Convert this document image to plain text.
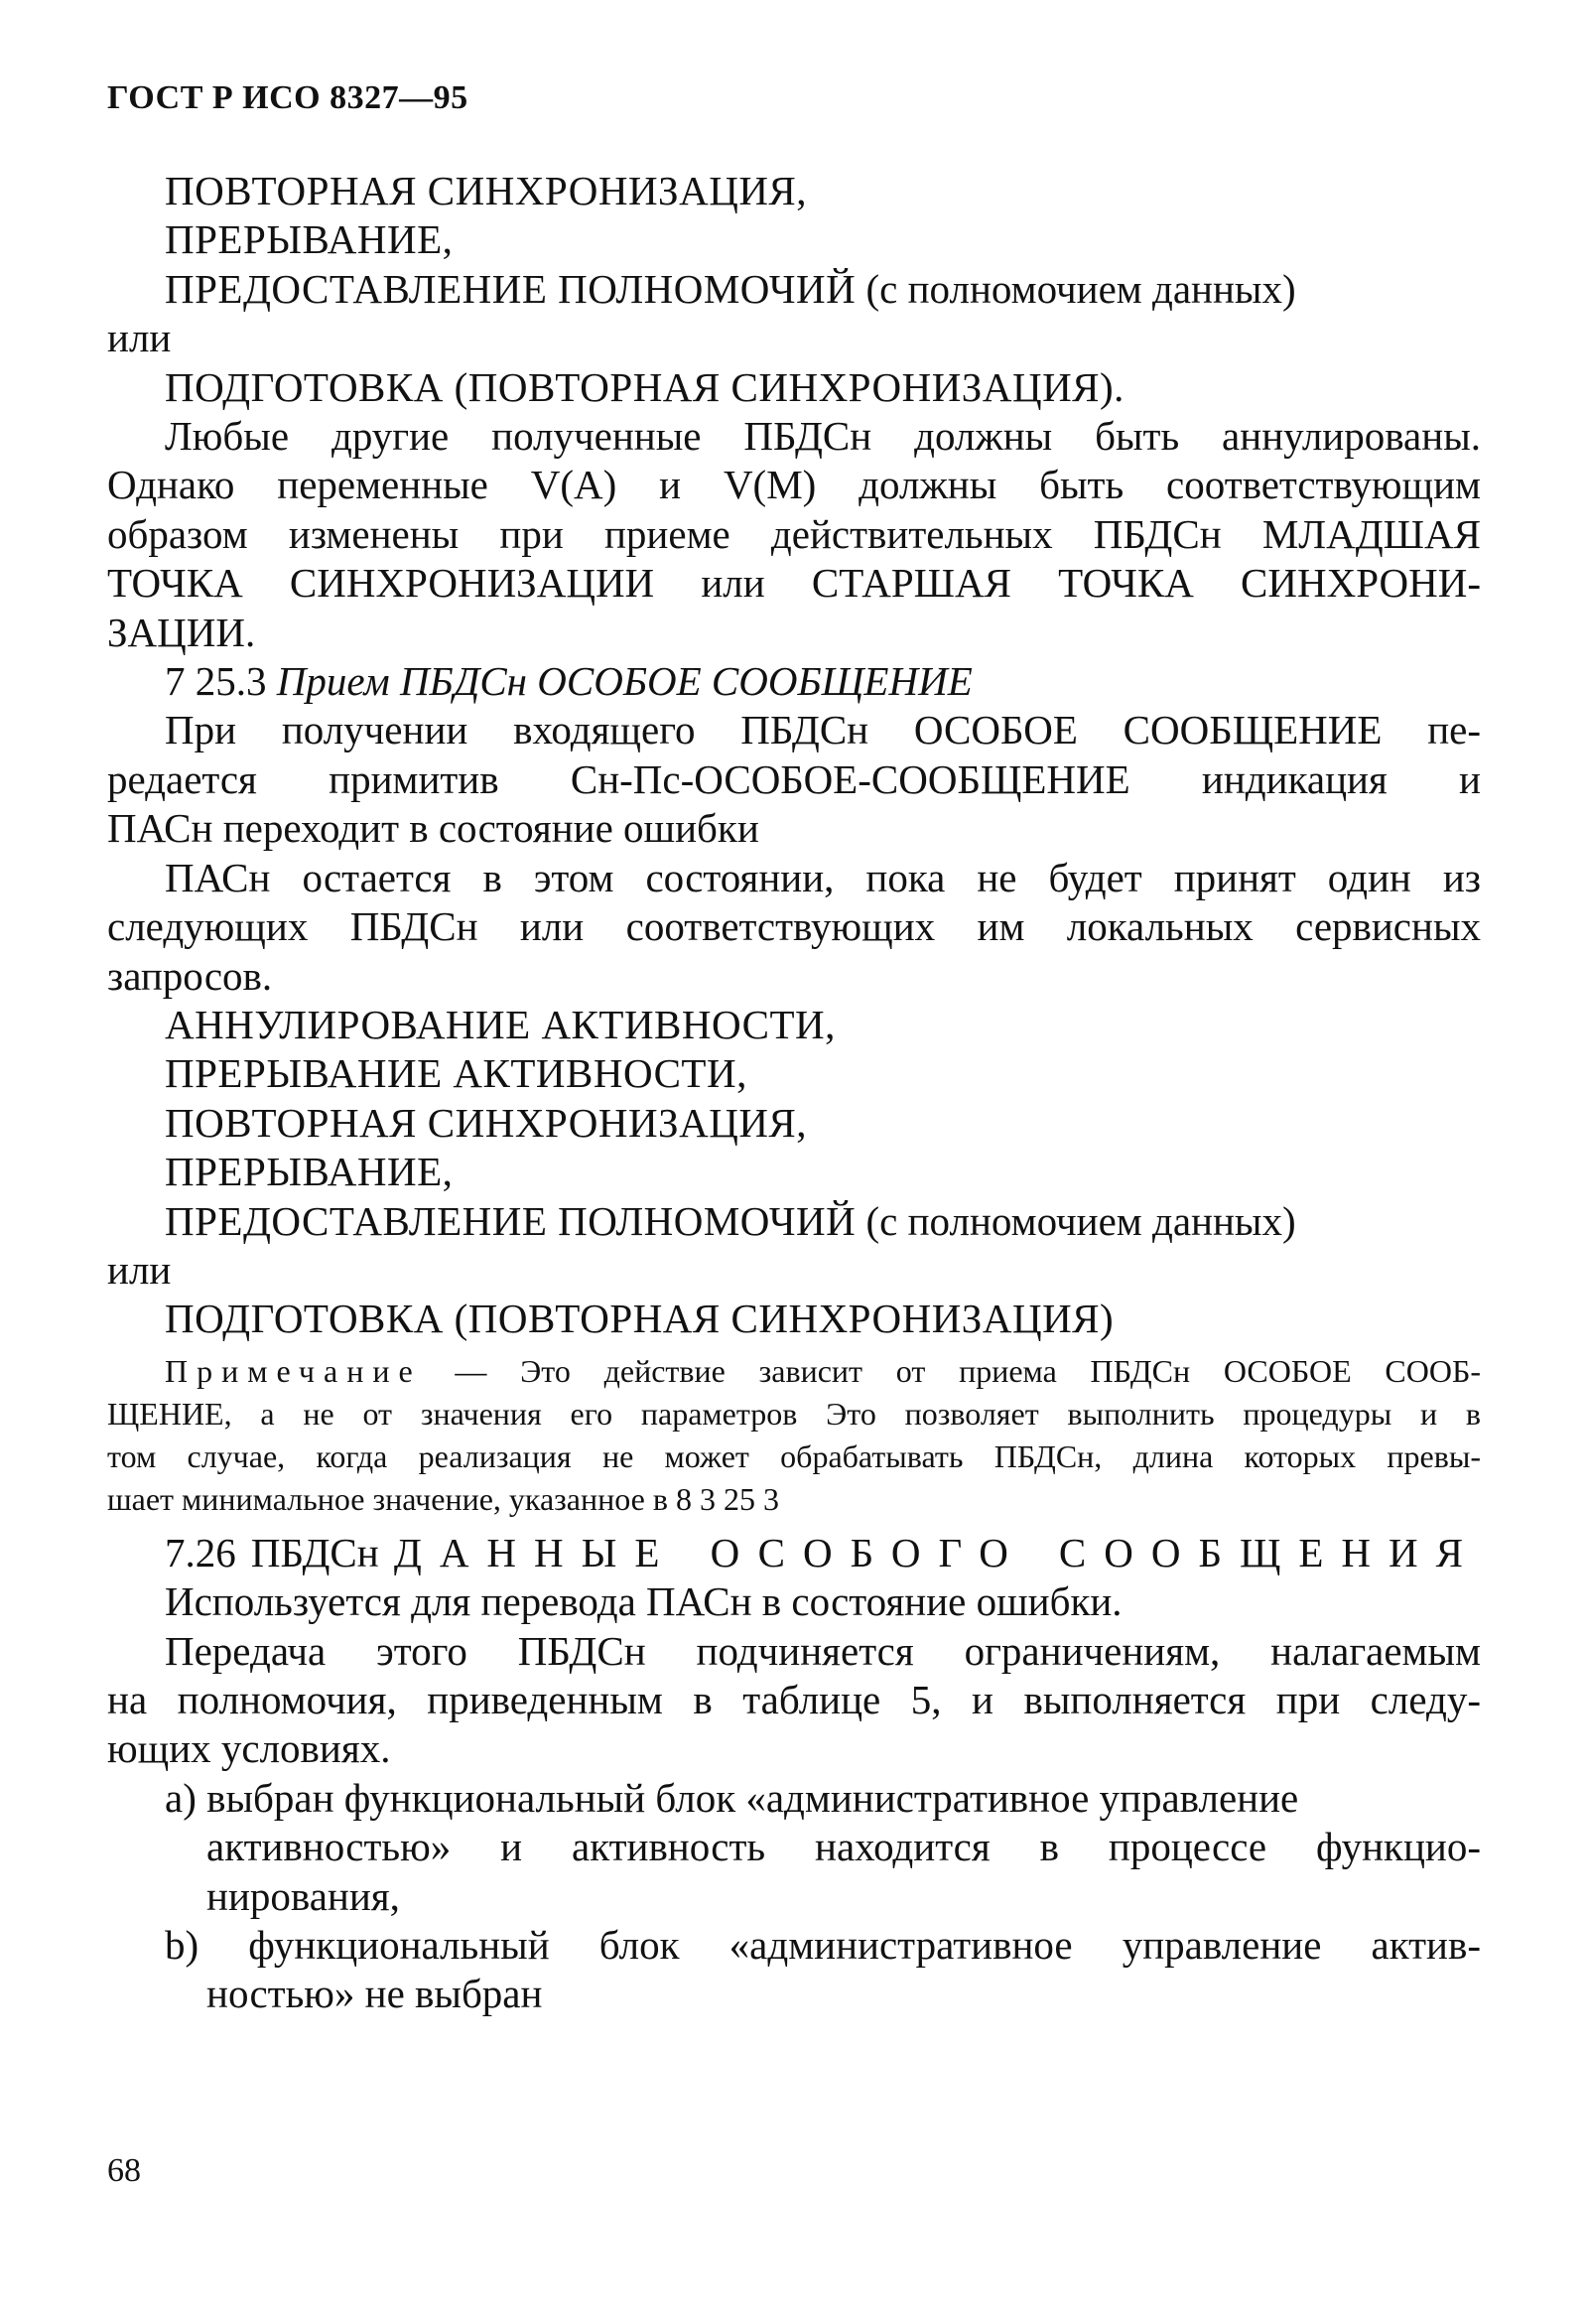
ГОСТ Р ИСО 8327—95
ПОВТОРНАЯ СИНХРОНИЗАЦИЯ,
ПРЕРЫВАНИЕ,
ПРЕДОСТАВЛЕНИЕ ПОЛНОМОЧИЙ (с полномочием данных)
или
ПОДГОТОВКА (ПОВТОРНАЯ СИНХРОНИЗАЦИЯ).
Любые другие полученные ПБДСн должны быть аннулированы.
Однако переменные V(A) и V(M) должны быть соответствующим
образом изменены при приеме действительных ПБДСн МЛАДШАЯ
ТОЧКА СИНХРОНИЗАЦИИ или СТАРШАЯ ТОЧКА СИНХРОНИ-
ЗАЦИИ.
7 25.3 Прием ПБДСн ОСОБОЕ СООБЩЕНИЕ
При получении входящего ПБДСн ОСОБОЕ СООБЩЕНИЕ пе-
редается примитив Сн-Пс-ОСОБОЕ-СООБЩЕНИЕ индикация и
ПАСн переходит в состояние ошибки
ПАСн остается в этом состоянии, пока не будет принят один из
следующих ПБДСн или соответствующих им локальных сервисных
запросов.
АННУЛИРОВАНИЕ АКТИВНОСТИ,
ПРЕРЫВАНИЕ АКТИВНОСТИ,
ПОВТОРНАЯ СИНХРОНИЗАЦИЯ,
ПРЕРЫВАНИЕ,
ПРЕДОСТАВЛЕНИЕ ПОЛНОМОЧИЙ (с полномочием данных)
или
ПОДГОТОВКА (ПОВТОРНАЯ СИНХРОНИЗАЦИЯ)
Примечание — Это действие зависит от приема ПБДСн ОСОБОЕ СООБ-
ЩЕНИЕ, а не от значения его параметров Это позволяет выполнить процедуры и в
том случае, когда реализация не может обрабатывать ПБДСн, длина которых превы-
шает минимальное значение, указанное в 8 3 25 3
7.26 ПБДСн ДАННЫЕ ОСОБОГО СООБЩЕНИЯ
Используется для перевода ПАСн в состояние ошибки.
Передача этого ПБДСн подчиняется ограничениям, налагаемым
на полномочия, приведенным в таблице 5, и выполняется при следу-
ющих условиях.
а) выбран функциональный блок «административное управление
активностью» и активность находится в процессе функцио-
нирования,
b) функциональный блок «административное управление актив-
ностью» не выбран
68
